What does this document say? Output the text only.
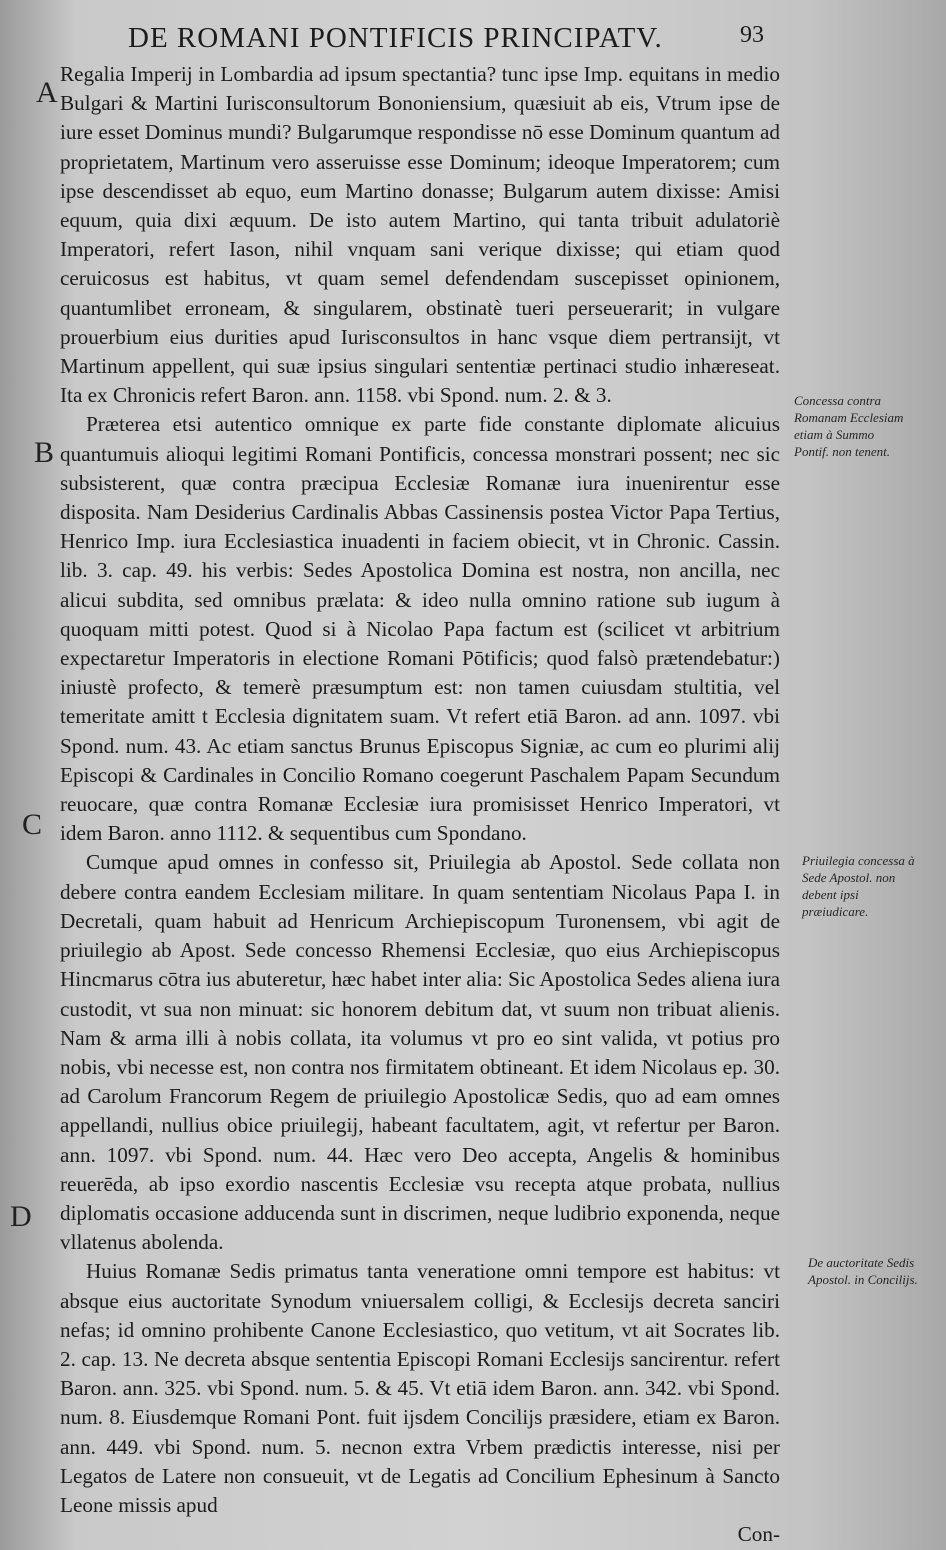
DE ROMANI PONTIFICIS PRINCIPATV.	93
A
B
C
D

Regalia Imperij in Lombardia ad ipsum spectantia? tunc ipse Imp. equitans in medio Bulgari & Martini Iurisconsultorum Bononiensium, quæsiuit ab eis, Vtrum ipse de iure esset Dominus mundi? Bulgarumque respondisse nō esse Dominum quantum ad proprietatem, Martinum vero asseruisse esse Dominum; ideoque Imperatorem; cum ipse descendisset ab equo, eum Martino donasse; Bulgarum autem dixisse: Amisi equum, quia dixi æquum. De isto autem Martino, qui tanta tribuit adulatoriè Imperatori, refert Iason, nihil vnquam sani verique dixisse; qui etiam quod ceruicosus est habitus, vt quam semel defendendam suscepisset opinionem, quantumlibet erroneam, & singularem, obstinatè tueri perseuerarit; in vulgare prouerbium eius durities apud Iurisconsultos in hanc vsque diem pertransijt, vt Martinum appellent, qui suæ ipsius singulari sententiæ pertinaci studio inhæreseat. Ita ex Chronicis refert Baron. ann. 1158. vbi Spond. num. 2. & 3.

Præterea etsi autentico omnique ex parte fide constante diplomate alicuius quantumuis alioqui legitimi Romani Pontificis, concessa monstrari possent; nec sic subsisterent, quæ contra præcipua Ecclesiæ Romanæ iura inuenirentur esse disposita. Nam Desiderius Cardinalis Abbas Cassinensis postea Victor Papa Tertius, Henrico Imp. iura Ecclesiastica inuadenti in faciem obiecit, vt in Chronic. Cassin. lib. 3. cap. 49. his verbis: Sedes Apostolica Domina est nostra, non ancilla, nec alicui subdita, sed omnibus prælata: & ideo nulla omnino ratione sub iugum à quoquam mitti potest. Quod si à Nicolao Papa factum est (scilicet vt arbitrium expectaretur Imperatoris in electione Romani Pōtificis; quod falsò prætendebatur:) iniustè profecto, & temerè præsumptum est: non tamen cuiusdam stultitia, vel temeritate amitt t Ecclesia dignitatem suam. Vt refert etiā Baron. ad ann. 1097. vbi Spond. num. 43. Ac etiam sanctus Brunus Episcopus Signiæ, ac cum eo plurimi alij Episcopi & Cardinales in Concilio Romano coegerunt Paschalem Papam Secundum reuocare, quæ contra Romanæ Ecclesiæ iura promisisset Henrico Imperatori, vt idem Baron. anno 1112. & sequentibus cum Spondano.

Cumque apud omnes in confesso sit, Priuilegia ab Apostol. Sede collata non debere contra eandem Ecclesiam militare. In quam sententiam Nicolaus Papa I. in Decretali, quam habuit ad Henricum Archiepiscopum Turonensem, vbi agit de priuilegio ab Apost. Sede concesso Rhemensi Ecclesiæ, quo eius Archiepiscopus Hincmarus cōtra ius abuteretur, hæc habet inter alia: Sic Apostolica Sedes aliena iura custodit, vt sua non minuat: sic honorem debitum dat, vt suum non tribuat alienis. Nam & arma illi à nobis collata, ita volumus vt pro eo sint valida, vt potius pro nobis, vbi necesse est, non contra nos firmitatem obtineant. Et idem Nicolaus ep. 30. ad Carolum Francorum Regem de priuilegio Apostolicæ Sedis, quo ad eam omnes appellandi, nullius obice priuilegij, habeant facultatem, agit, vt refertur per Baron. ann. 1097. vbi Spond. num. 44. Hæc vero Deo accepta, Angelis & hominibus reuerēda, ab ipso exordio nascentis Ecclesiæ vsu recepta atque probata, nullius diplomatis occasione adducenda sunt in discrimen, neque ludibrio exponenda, neque vllatenus abolenda.

Huius Romanæ Sedis primatus tanta veneratione omni tempore est habitus: vt absque eius auctoritate Synodum vniuersalem colligi, & Ecclesijs decreta sanciri nefas; id omnino prohibente Canone Ecclesiastico, quo vetitum, vt ait Socrates lib. 2. cap. 13. Ne decreta absque sententia Episcopi Romani Ecclesijs sancirentur. refert Baron. ann. 325. vbi Spond. num. 5. & 45. Vt etiā idem Baron. ann. 342. vbi Spond. num. 8. Eiusdemque Romani Pont. fuit ijsdem Concilijs præsidere, etiam ex Baron. ann. 449. vbi Spond. num. 5. necnon extra Vrbem prædictis interesse, nisi per Legatos de Latere non consueuit, vt de Legatis ad Concilium Ephesinum à Sancto Leone missis apud

Con-

Concessa contra Romanam Ecclesiam etiam à Summo Pontif. non tenent.
Priuilegia concessa à Sede Apostol. non debent ipsi præiudicare.
De auctoritate Sedis Apostol. in Concilijs.
